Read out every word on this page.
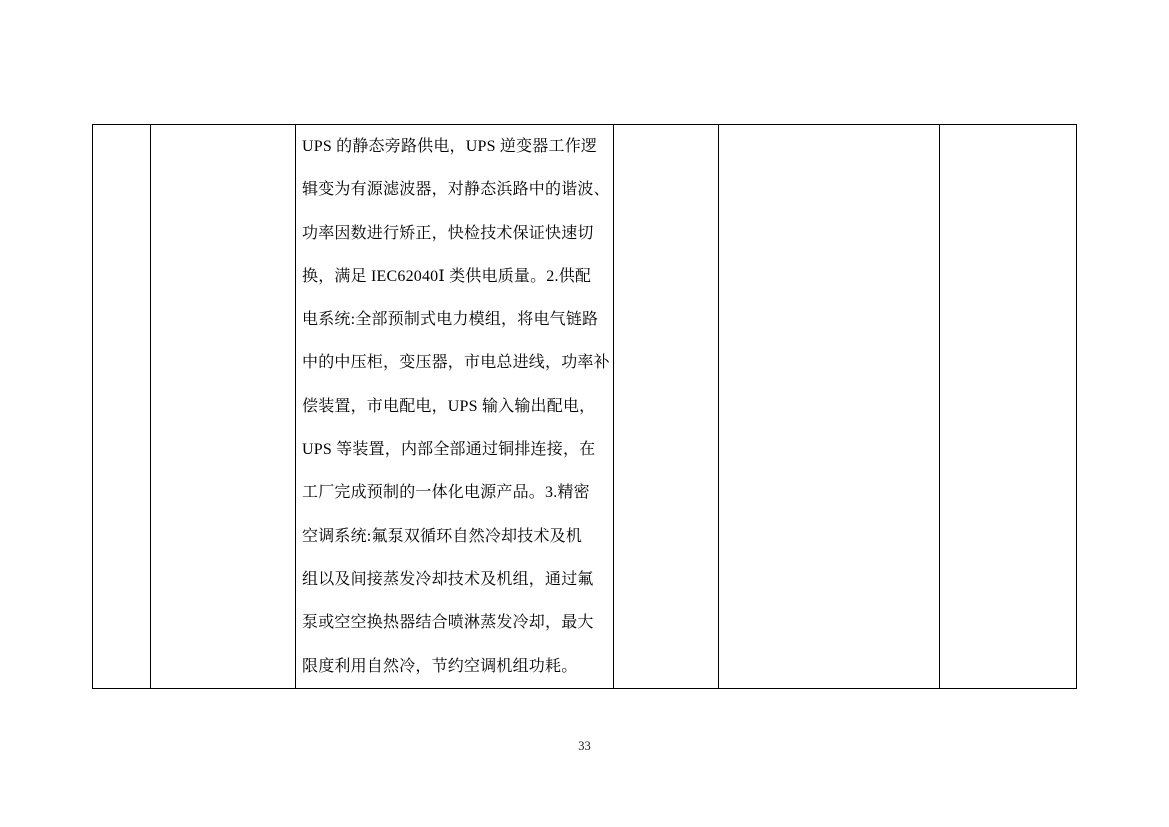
UPS 的静态旁路供电，UPS 逆变器工作逻
辑变为有源滤波器，对静态浜路中的谐波、
功率因数进行矫正，快检技术保证快速切
换，满足 IEC62040Ⅰ 类供电质量。2.供配
电系统:全部预制式电力模组，将电气链路
中的中压柜，变压器，市电总进线，功率补
偿装置，市电配电，UPS 输入输出配电，
UPS 等装置，内部全部通过铜排连接，在
工厂完成预制的一体化电源产品。3.精密
空调系统:氟泵双循环自然冷却技术及机
组以及间接蒸发冷却技术及机组，通过氟
泵或空空换热器结合喷淋蒸发冷却，最大
限度利用自然冷，节约空调机组功耗。
33
